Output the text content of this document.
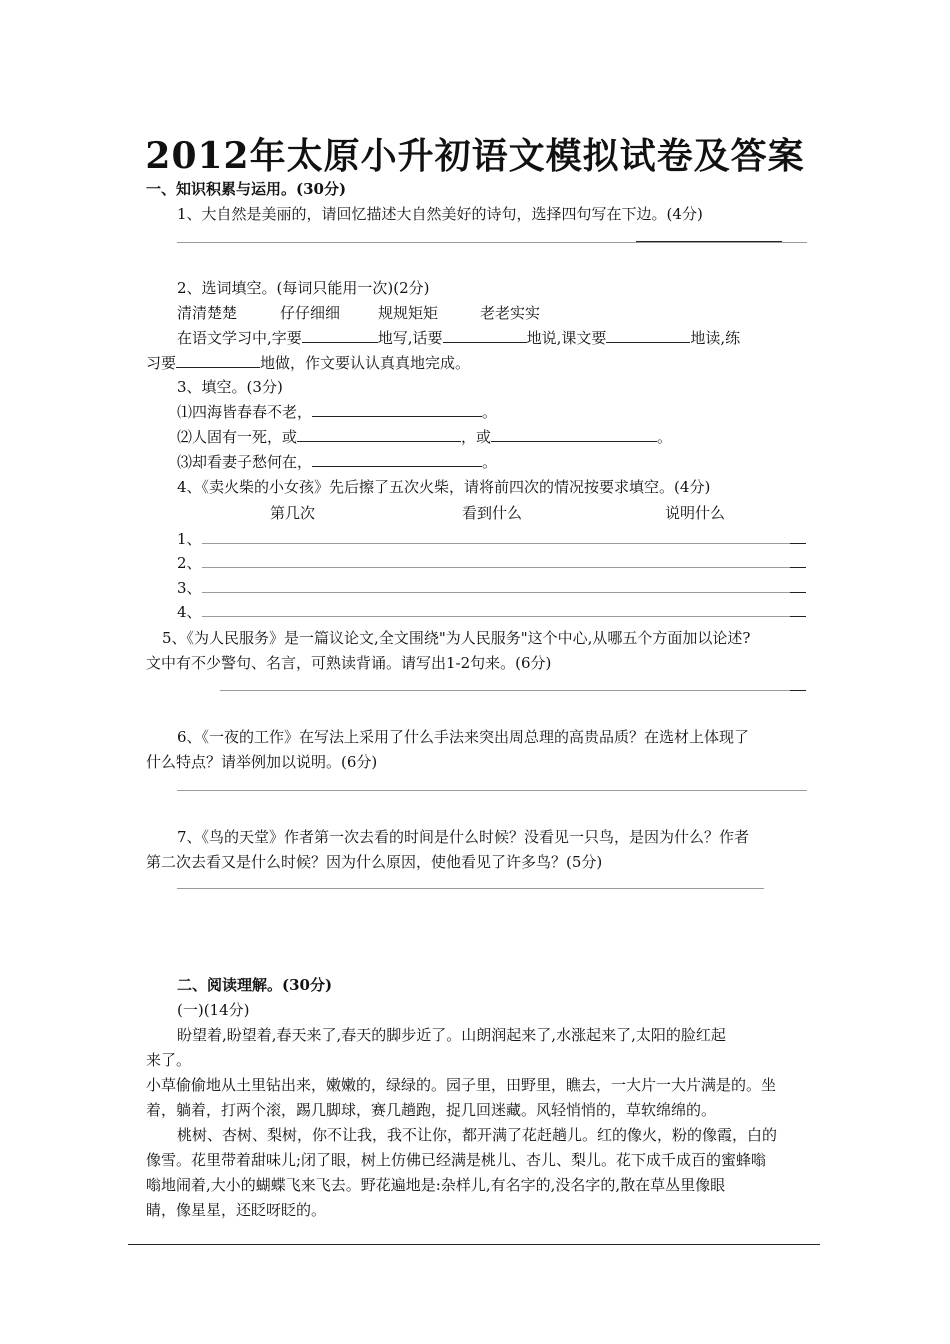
2012年太原小升初语文模拟试卷及答案
一、知识积累与运用。(30分)
1、大自然是美丽的，请回忆描述大自然美好的诗句，选择四句写在下边。(4分)
2、选词填空。(每词只能用一次)(2分)
清清楚楚	仔仔细细	规规矩矩	老老实实
在语文学习中,字要	地写,话要	地说,课文要	地读,练
习要	地做，作文要认认真真地完成。
3、填空。(3分)
⑴四海皆春春不老，	。
⑵人固有一死，或	，或	。
⑶却看妻子愁何在，	。
4、《卖火柴的小女孩》先后擦了五次火柴，请将前四次的情况按要求填空。(4分)
第几次	看到什么	说明什么
1、
2、
3、
4、
5、《为人民服务》是一篇议论文,全文围绕"为人民服务"这个中心,从哪五个方面加以论述?
文中有不少警句、名言，可熟读背诵。请写出1-2句来。(6分)
6、《一夜的工作》在写法上采用了什么手法来突出周总理的高贵品质？在选材上体现了
什么特点？请举例加以说明。(6分)
7、《鸟的天堂》作者第一次去看的时间是什么时候？没看见一只鸟，是因为什么？作者
第二次去看又是什么时候？因为什么原因，使他看见了许多鸟？(5分)
二、阅读理解。(30分)
(一)(14分)
盼望着,盼望着,春天来了,春天的脚步近了。山朗润起来了,水涨起来了,太阳的脸红起
来了。
小草偷偷地从土里钻出来，嫩嫩的，绿绿的。园子里，田野里，瞧去，一大片一大片满是的。坐
着，躺着，打两个滚，踢几脚球，赛几趟跑，捉几回迷藏。风轻悄悄的，草软绵绵的。
桃树、杏树、梨树，你不让我，我不让你，都开满了花赶趟儿。红的像火，粉的像霞，白的
像雪。花里带着甜味儿;闭了眼，树上仿佛已经满是桃儿、杏儿、梨儿。花下成千成百的蜜蜂嗡
嗡地闹着,大小的蝴蝶飞来飞去。野花遍地是:杂样儿,有名字的,没名字的,散在草丛里像眼
睛，像星星，还眨呀眨的。
